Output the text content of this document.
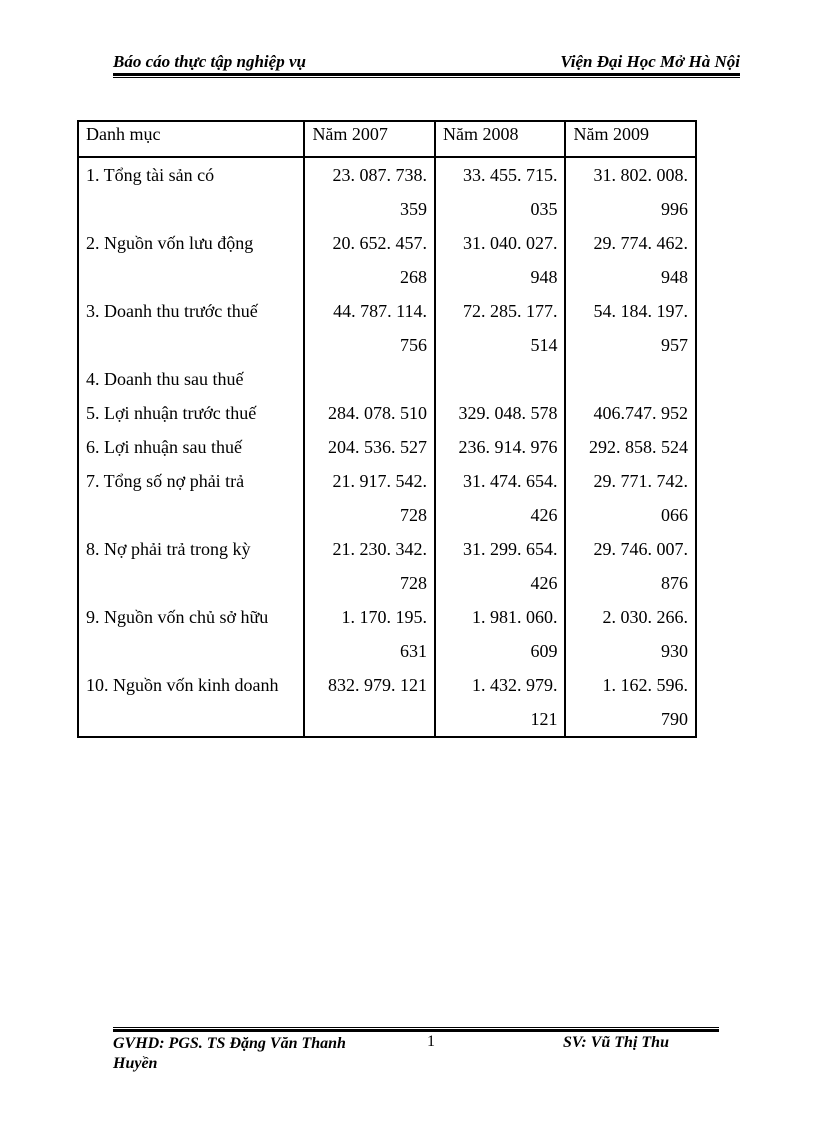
Báo cáo thực tập nghiệp vụ	Viện Đại Học Mở Hà Nội
Danh mục	Năm 2007	Năm 2008	Năm 2009
1. Tổng tài sản có	23. 087. 738.	33. 455. 715.	31. 802. 008.
	359	035	996
2. Nguồn vốn lưu động	20. 652. 457.	31. 040. 027.	29. 774. 462.
	268	948	948
3. Doanh thu trước thuế	44. 787. 114.	72. 285. 177.	54. 184. 197.
	756	514	957
4. Doanh thu sau thuế			
5. Lợi nhuận trước thuế	284. 078. 510	329. 048. 578	406.747. 952
6. Lợi nhuận sau thuế	204. 536. 527	236. 914. 976	292. 858. 524
7. Tổng số nợ phải trả	21. 917. 542.	31. 474. 654.	29. 771. 742.
	728	426	066
8. Nợ phải trả trong kỳ	21. 230. 342.	31. 299. 654.	29. 746. 007.
	728	426	876
9. Nguồn vốn chủ sở hữu	1. 170. 195.	1. 981. 060.	2. 030. 266.
	631	609	930
10. Nguồn vốn kinh doanh	832. 979. 121	1. 432. 979.	1. 162. 596.
		121	790
GVHD: PGS. TS Đặng Văn Thanh Huyền
1	SV: Vũ Thị Thu
